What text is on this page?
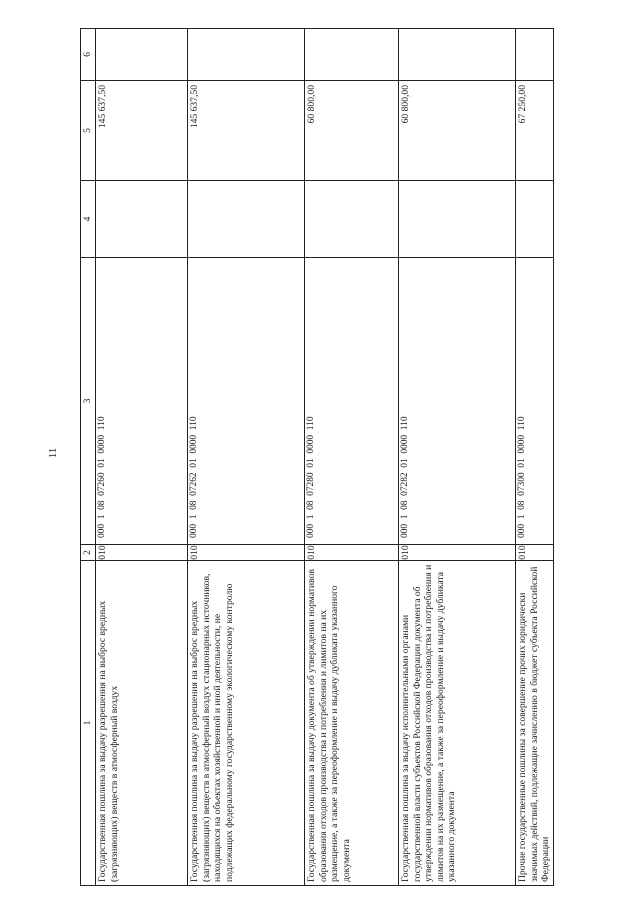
11
1	2	3	4	5	6
Государственная пошлина за выдачу разрешения на выброс вредных (загрязняющих) веществ в атмосферный воздух	010	000  1  08  07260  01  0000  110		145 637,50	
Государственная пошлина за выдачу разрешения на выброс вредных (загрязняющих) веществ в атмосферный воздух стационарных источников, находящихся на объектах хозяйственной и иной деятельности, не подлежащих федеральному государственному экологическому контролю	010	000  1  08  07262  01  0000  110		145 637,50	
Государственная пошлина за выдачу документа об утверждении нормативов образования отходов производства и потребления и лимитов на их размещение, а также за переоформление и выдачу дубликата указанного документа	010	000  1  08  07280  01  0000  110		60 800,00	
Государственная пошлина за выдачу исполнительными органами государственной власти субъектов Российской Федерации документа об утверждении нормативов образования отходов производства и потребления и лимитов на их размещение, а также за переоформление и выдачу дубликата указанного документа	010	000  1  08  07282  01  0000  110		60 800,00	
Прочие государственные пошлины за совершение прочих юридически значимых действий, подлежащие зачислению в бюджет субъекта Российской Федерации	010	000  1  08  07300  01  0000  110		67 250,00	
